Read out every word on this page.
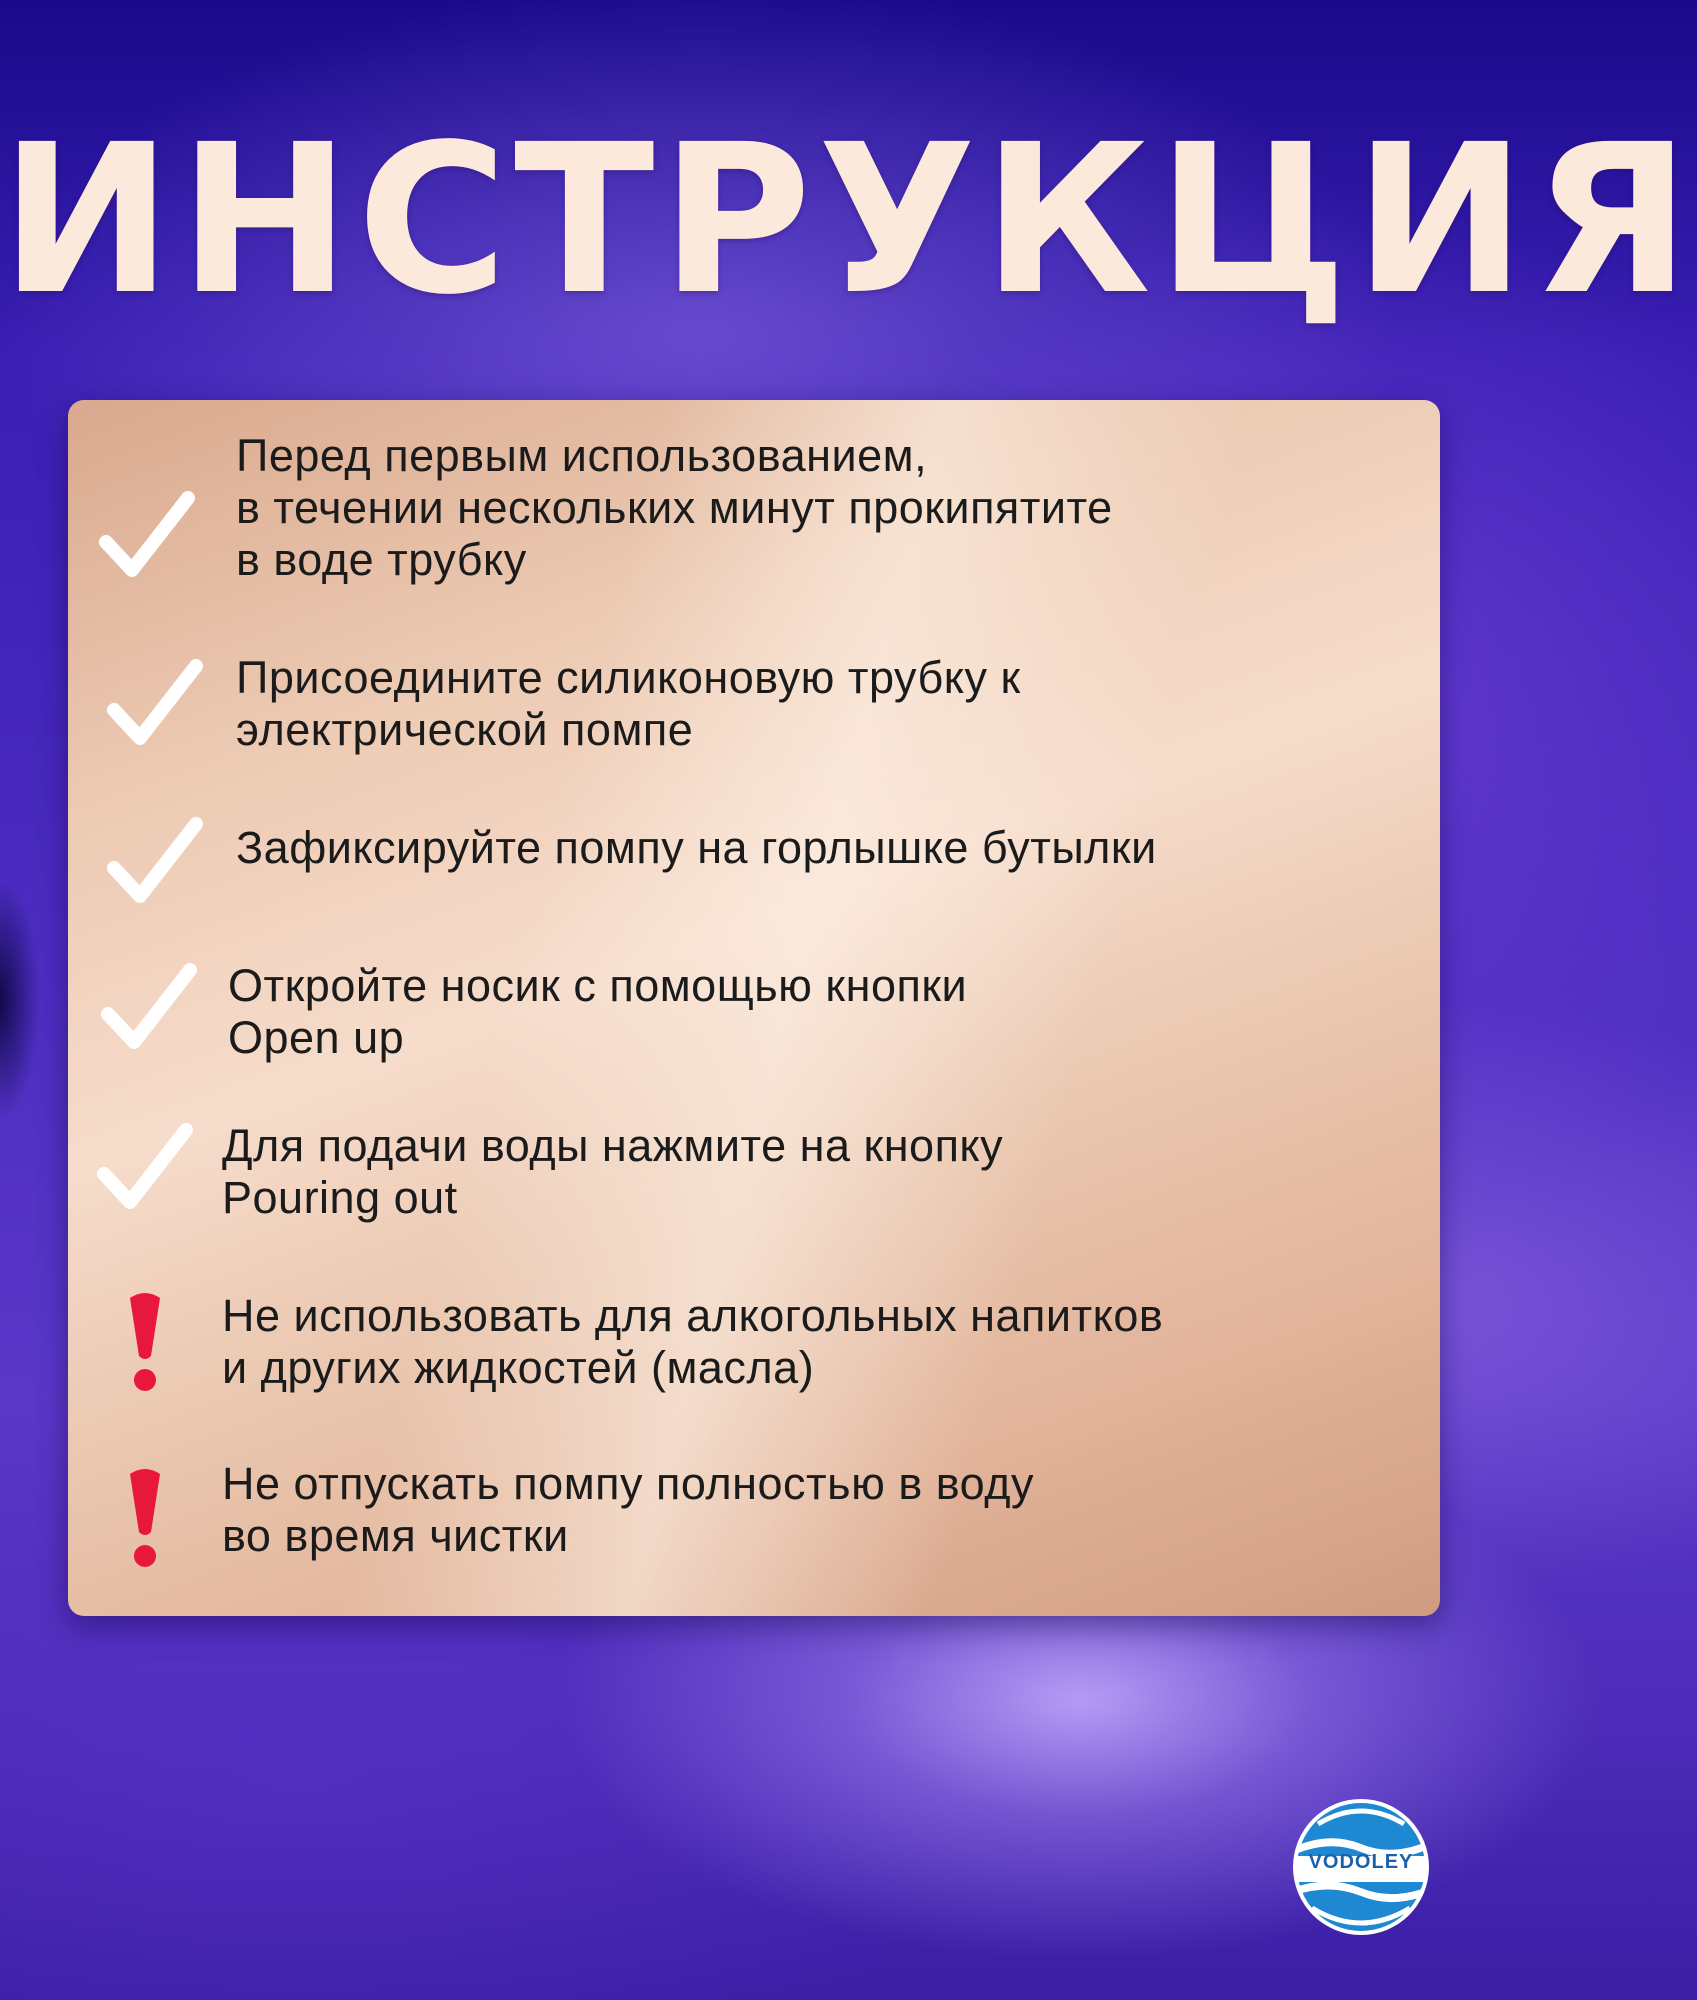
ИНСТРУКЦИЯ
Перед первым использованием,
в течении нескольких минут прокипятите
в воде трубку
Присоедините силиконовую трубку к
электрической помпе
Зафиксируйте помпу на горлышке бутылки
Откройте носик с помощью кнопки
Open up
Для подачи воды нажмите на кнопку
Pouring out
Не использовать для алкогольных напитков
и других жидкостей (масла)
Не отпускать помпу полностью в воду
во время чистки
VODOLEY
